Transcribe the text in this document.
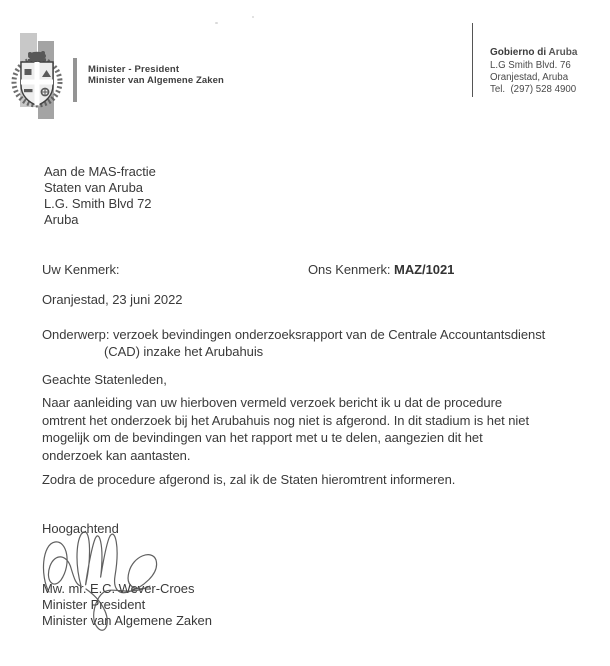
Minister - President
Minister van Algemene Zaken
Gobierno di Aruba
L.G Smith Blvd. 76
Oranjestad, Aruba
Tel.  (297) 528 4900
Aan de MAS-fractie
Staten van Aruba
L.G. Smith Blvd 72
Aruba
Uw Kenmerk:	Ons Kenmerk: MAZ/1021
Oranjestad, 23 juni 2022
Onderwerp: verzoek bevindingen onderzoeksrapport van de Centrale Accountantsdienst
(CAD) inzake het Arubahuis
Geachte Statenleden,
Naar aanleiding van uw hierboven vermeld verzoek bericht ik u dat de procedure
omtrent het onderzoek bij het Arubahuis nog niet is afgerond. In dit stadium is het niet
mogelijk om de bevindingen van het rapport met u te delen, aangezien dit het
onderzoek kan aantasten.
Zodra de procedure afgerond is, zal ik de Staten hieromtrent informeren.
Hoogachtend
Mw. mr. E.C. Wever-Croes
Minister President
Minister van Algemene Zaken
